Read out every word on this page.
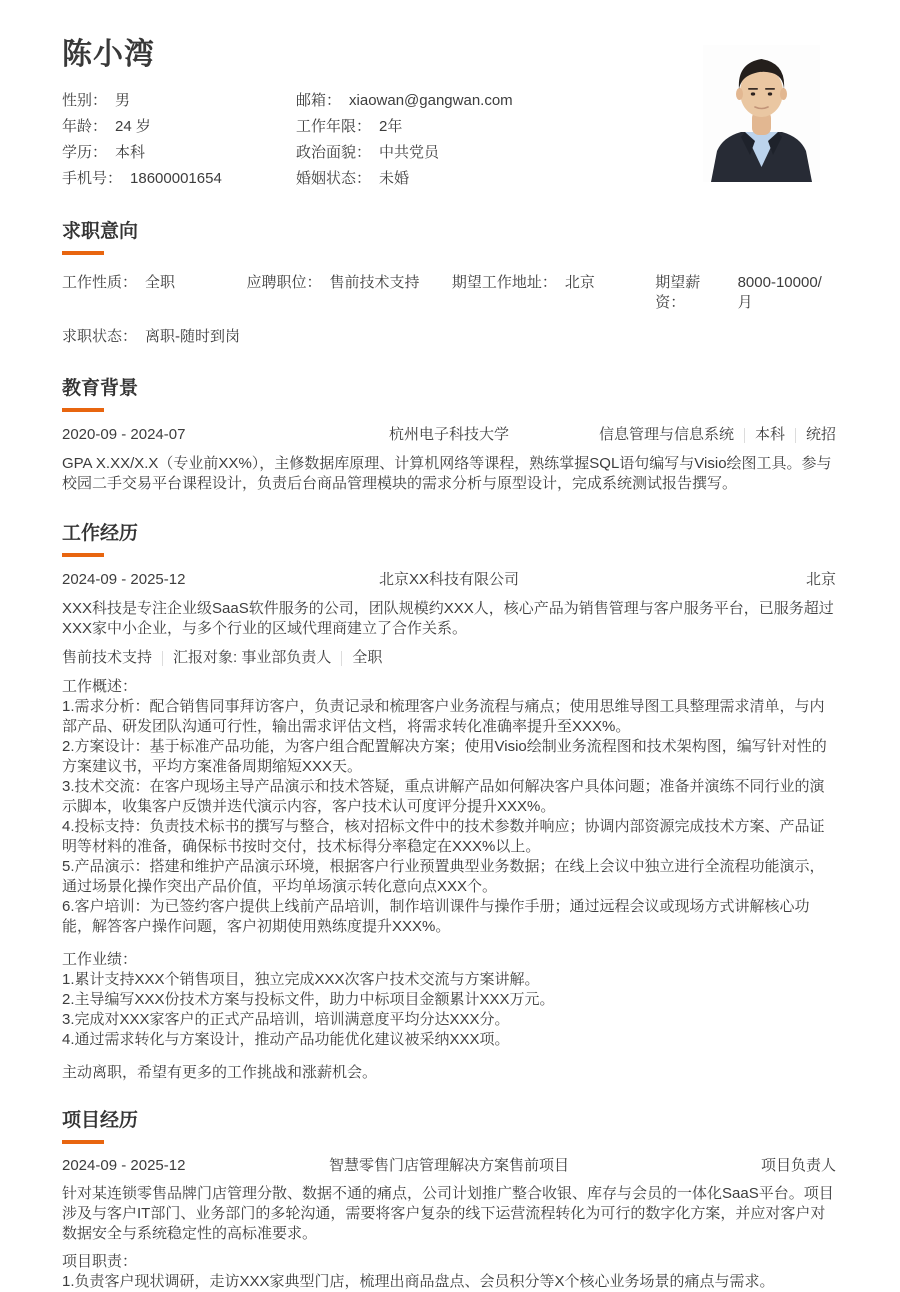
陈小湾
性别： 男
年龄： 24 岁
学历： 本科
手机号： 18600001654
邮箱： xiaowan@gangwan.com
工作年限： 2年
政治面貌： 中共党员
婚姻状态： 未婚
求职意向
工作性质： 全职	应聘职位： 售前技术支持 期望工作地址： 北京	期望薪资：
8000-10000/月
求职状态： 离职-随时到岗
教育背景
2020-09 - 2024-07	杭州电子科技大学	信息管理与信息系统 本科 统招
GPA X.XX/X.X（专业前XX%），主修数据库原理、计算机网络等课程，熟练掌握SQL语句编写与Visio绘图工具。参与校园二手交易平台课程设计，负责后台商品管理模块的需求分析与原型设计，完成系统测试报告撰写。
工作经历
2024-09 - 2025-12	北京XX科技有限公司	北京
XXX科技是专注企业级SaaS软件服务的公司，团队规模约XXX人，核心产品为销售管理与客户服务平台，已服务超过XXX家中小企业，与多个行业的区域代理商建立了合作关系。
售前技术支持 汇报对象: 事业部负责人 全职
工作概述：
1.需求分析：配合销售同事拜访客户，负责记录和梳理客户业务流程与痛点；使用思维导图工具整理需求清单，与内部产品、研发团队沟通可行性，输出需求评估文档，将需求转化准确率提升至XXX%。
2.方案设计：基于标准产品功能，为客户组合配置解决方案；使用Visio绘制业务流程图和技术架构图，编写针对性的方案建议书，平均方案准备周期缩短XXX天。
3.技术交流：在客户现场主导产品演示和技术答疑，重点讲解产品如何解决客户具体问题；准备并演练不同行业的演示脚本，收集客户反馈并迭代演示内容，客户技术认可度评分提升XXX%。
4.投标支持：负责技术标书的撰写与整合，核对招标文件中的技术参数并响应；协调内部资源完成技术方案、产品证明等材料的准备，确保标书按时交付，技术标得分率稳定在XXX%以上。
5.产品演示：搭建和维护产品演示环境，根据客户行业预置典型业务数据；在线上会议中独立进行全流程功能演示，通过场景化操作突出产品价值，平均单场演示转化意向点XXX个。
6.客户培训：为已签约客户提供上线前产品培训，制作培训课件与操作手册；通过远程会议或现场方式讲解核心功能，解答客户操作问题，客户初期使用熟练度提升XXX%。
工作业绩：
1.累计支持XXX个销售项目，独立完成XXX次客户技术交流与方案讲解。
2.主导编写XXX份技术方案与投标文件，助力中标项目金额累计XXX万元。
3.完成对XXX家客户的正式产品培训，培训满意度平均分达XXX分。
4.通过需求转化与方案设计，推动产品功能优化建议被采纳XXX项。
主动离职，希望有更多的工作挑战和涨薪机会。
项目经历
2024-09 - 2025-12	智慧零售门店管理解决方案售前项目	项目负责人
针对某连锁零售品牌门店管理分散、数据不通的痛点，公司计划推广整合收银、库存与会员的一体化SaaS平台。项目涉及与客户IT部门、业务部门的多轮沟通，需要将客户复杂的线下运营流程转化为可行的数字化方案，并应对客户对数据安全与系统稳定性的高标准要求。
项目职责：
1.负责客户现状调研，走访XXX家典型门店，梳理出商品盘点、会员积分等X个核心业务场景的痛点与需求。
